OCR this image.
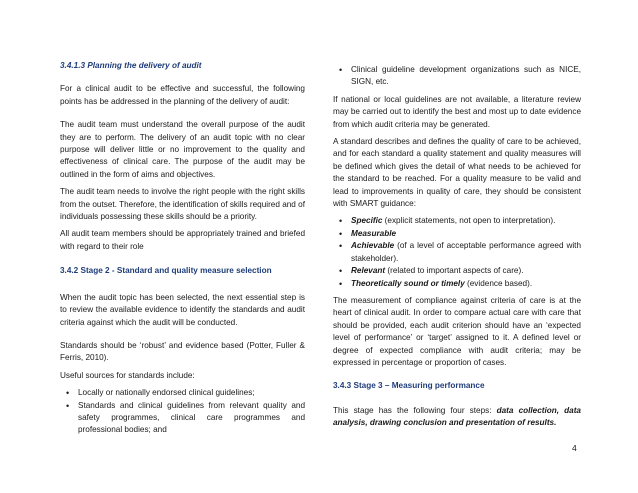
3.4.1.3 Planning the delivery of audit

For a clinical audit to be effective and successful, the following points has be addressed in the planning of the delivery of audit:

The audit team must understand the overall purpose of the audit they are to perform. The delivery of an audit topic with no clear purpose will deliver little or no improvement to the quality and effectiveness of clinical care. The purpose of the audit may be outlined in the form of aims and objectives.

The audit team needs to involve the right people with the right skills from the outset. Therefore, the identification of skills required and of individuals possessing these skills should be a priority.

All audit team members should be appropriately trained and briefed with regard to their role

3.4.2 Stage 2 - Standard and quality measure selection

When the audit topic has been selected, the next essential step is to review the available evidence to identify the standards and audit criteria against which the audit will be conducted.

Standards should be ‘robust’ and evidence based (Potter, Fuller & Ferris, 2010).

Useful sources for standards include:

• Locally or nationally endorsed clinical guidelines;
• Standards and clinical guidelines from relevant quality and safety programmes, clinical care programmes and professional bodies; and
• Clinical guideline development organizations such as NICE, SIGN, etc.

If national or local guidelines are not available, a literature review may be carried out to identify the best and most up to date evidence from which audit criteria may be generated.

A standard describes and defines the quality of care to be achieved, and for each standard a quality statement and quality measures will be defined which gives the detail of what needs to be achieved for the standard to be reached. For a quality measure to be valid and lead to improvements in quality of care, they should be consistent with SMART guidance:

• Specific (explicit statements, not open to interpretation).
• Measurable
• Achievable (of a level of acceptable performance agreed with stakeholder).
• Relevant (related to important aspects of care).
• Theoretically sound or timely (evidence based).

The measurement of compliance against criteria of care is at the heart of clinical audit. In order to compare actual care with care that should be provided, each audit criterion should have an ‘expected level of performance’ or ‘target’ assigned to it. A defined level or degree of expected compliance with audit criteria; may be expressed in percentage or proportion of cases.

3.4.3 Stage 3 – Measuring performance

This stage has the following four steps: data collection, data analysis, drawing conclusion and presentation of results.

4
